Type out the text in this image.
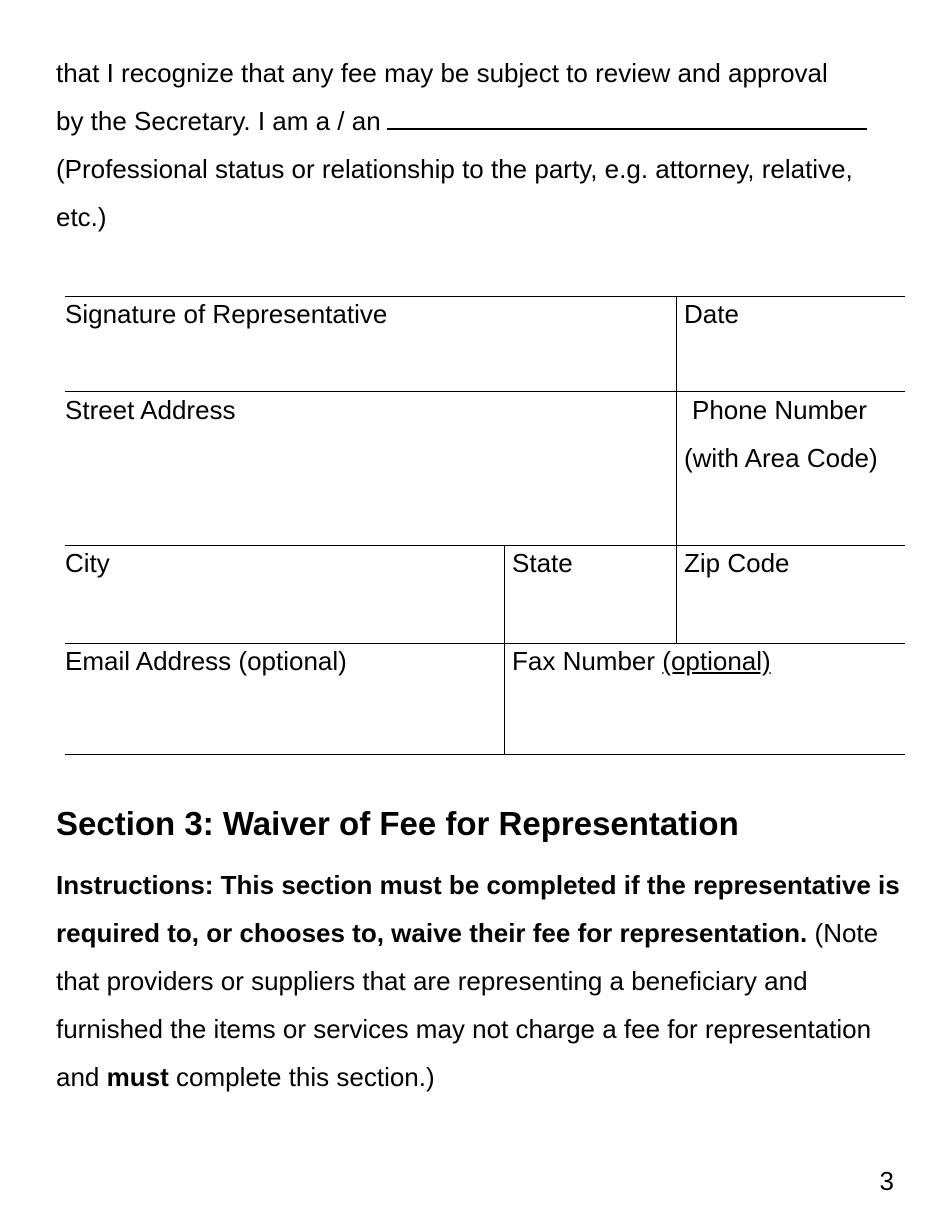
that I recognize that any fee may be subject to review and approval
by the Secretary. I am a / an
(Professional status or relationship to the party, e.g. attorney, relative, etc.)

Signature of Representative	Date
Street Address	Phone Number
(with Area Code)
City	State	Zip Code
Email Address (optional)	Fax Number (optional)
Section 3: Waiver of Fee for Representation

Instructions: This section must be completed if the representative is required to, or chooses to, waive their fee for representation. (Note that providers or suppliers that are representing a beneficiary and furnished the items or services may not charge a fee for representation and must complete this section.)

3
